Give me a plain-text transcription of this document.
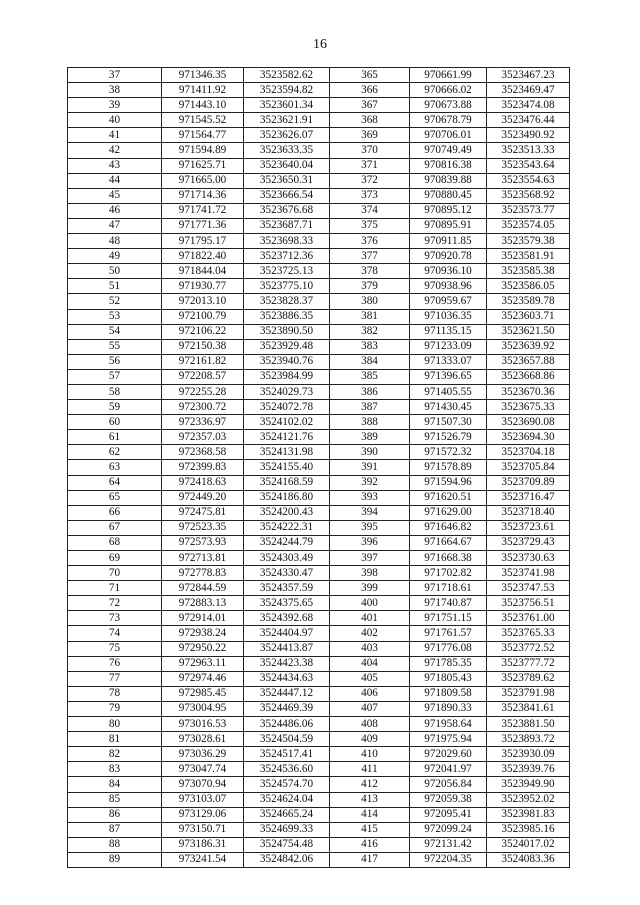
16
37	971346.35	3523582.62	365	970661.99	3523467.23
38	971411.92	3523594.82	366	970666.02	3523469.47
39	971443.10	3523601.34	367	970673.88	3523474.08
40	971545.52	3523621.91	368	970678.79	3523476.44
41	971564.77	3523626.07	369	970706.01	3523490.92
42	971594.89	3523633.35	370	970749.49	3523513.33
43	971625.71	3523640.04	371	970816.38	3523543.64
44	971665.00	3523650.31	372	970839.88	3523554.63
45	971714.36	3523666.54	373	970880.45	3523568.92
46	971741.72	3523676.68	374	970895.12	3523573.77
47	971771.36	3523687.71	375	970895.91	3523574.05
48	971795.17	3523698.33	376	970911.85	3523579.38
49	971822.40	3523712.36	377	970920.78	3523581.91
50	971844.04	3523725.13	378	970936.10	3523585.38
51	971930.77	3523775.10	379	970938.96	3523586.05
52	972013.10	3523828.37	380	970959.67	3523589.78
53	972100.79	3523886.35	381	971036.35	3523603.71
54	972106.22	3523890.50	382	971135.15	3523621.50
55	972150.38	3523929.48	383	971233.09	3523639.92
56	972161.82	3523940.76	384	971333.07	3523657.88
57	972208.57	3523984.99	385	971396.65	3523668.86
58	972255.28	3524029.73	386	971405.55	3523670.36
59	972300.72	3524072.78	387	971430.45	3523675.33
60	972336.97	3524102.02	388	971507.30	3523690.08
61	972357.03	3524121.76	389	971526.79	3523694.30
62	972368.58	3524131.98	390	971572.32	3523704.18
63	972399.83	3524155.40	391	971578.89	3523705.84
64	972418.63	3524168.59	392	971594.96	3523709.89
65	972449.20	3524186.80	393	971620.51	3523716.47
66	972475.81	3524200.43	394	971629.00	3523718.40
67	972523.35	3524222.31	395	971646.82	3523723.61
68	972573.93	3524244.79	396	971664.67	3523729.43
69	972713.81	3524303.49	397	971668.38	3523730.63
70	972778.83	3524330.47	398	971702.82	3523741.98
71	972844.59	3524357.59	399	971718.61	3523747.53
72	972883.13	3524375.65	400	971740.87	3523756.51
73	972914.01	3524392.68	401	971751.15	3523761.00
74	972938.24	3524404.97	402	971761.57	3523765.33
75	972950.22	3524413.87	403	971776.08	3523772.52
76	972963.11	3524423.38	404	971785.35	3523777.72
77	972974.46	3524434.63	405	971805.43	3523789.62
78	972985.45	3524447.12	406	971809.58	3523791.98
79	973004.95	3524469.39	407	971890.33	3523841.61
80	973016.53	3524486.06	408	971958.64	3523881.50
81	973028.61	3524504.59	409	971975.94	3523893.72
82	973036.29	3524517.41	410	972029.60	3523930.09
83	973047.74	3524536.60	411	972041.97	3523939.76
84	973070.94	3524574.70	412	972056.84	3523949.90
85	973103.07	3524624.04	413	972059.38	3523952.02
86	973129.06	3524665.24	414	972095.41	3523981.83
87	973150.71	3524699.33	415	972099.24	3523985.16
88	973186.31	3524754.48	416	972131.42	3524017.02
89	973241.54	3524842.06	417	972204.35	3524083.36
